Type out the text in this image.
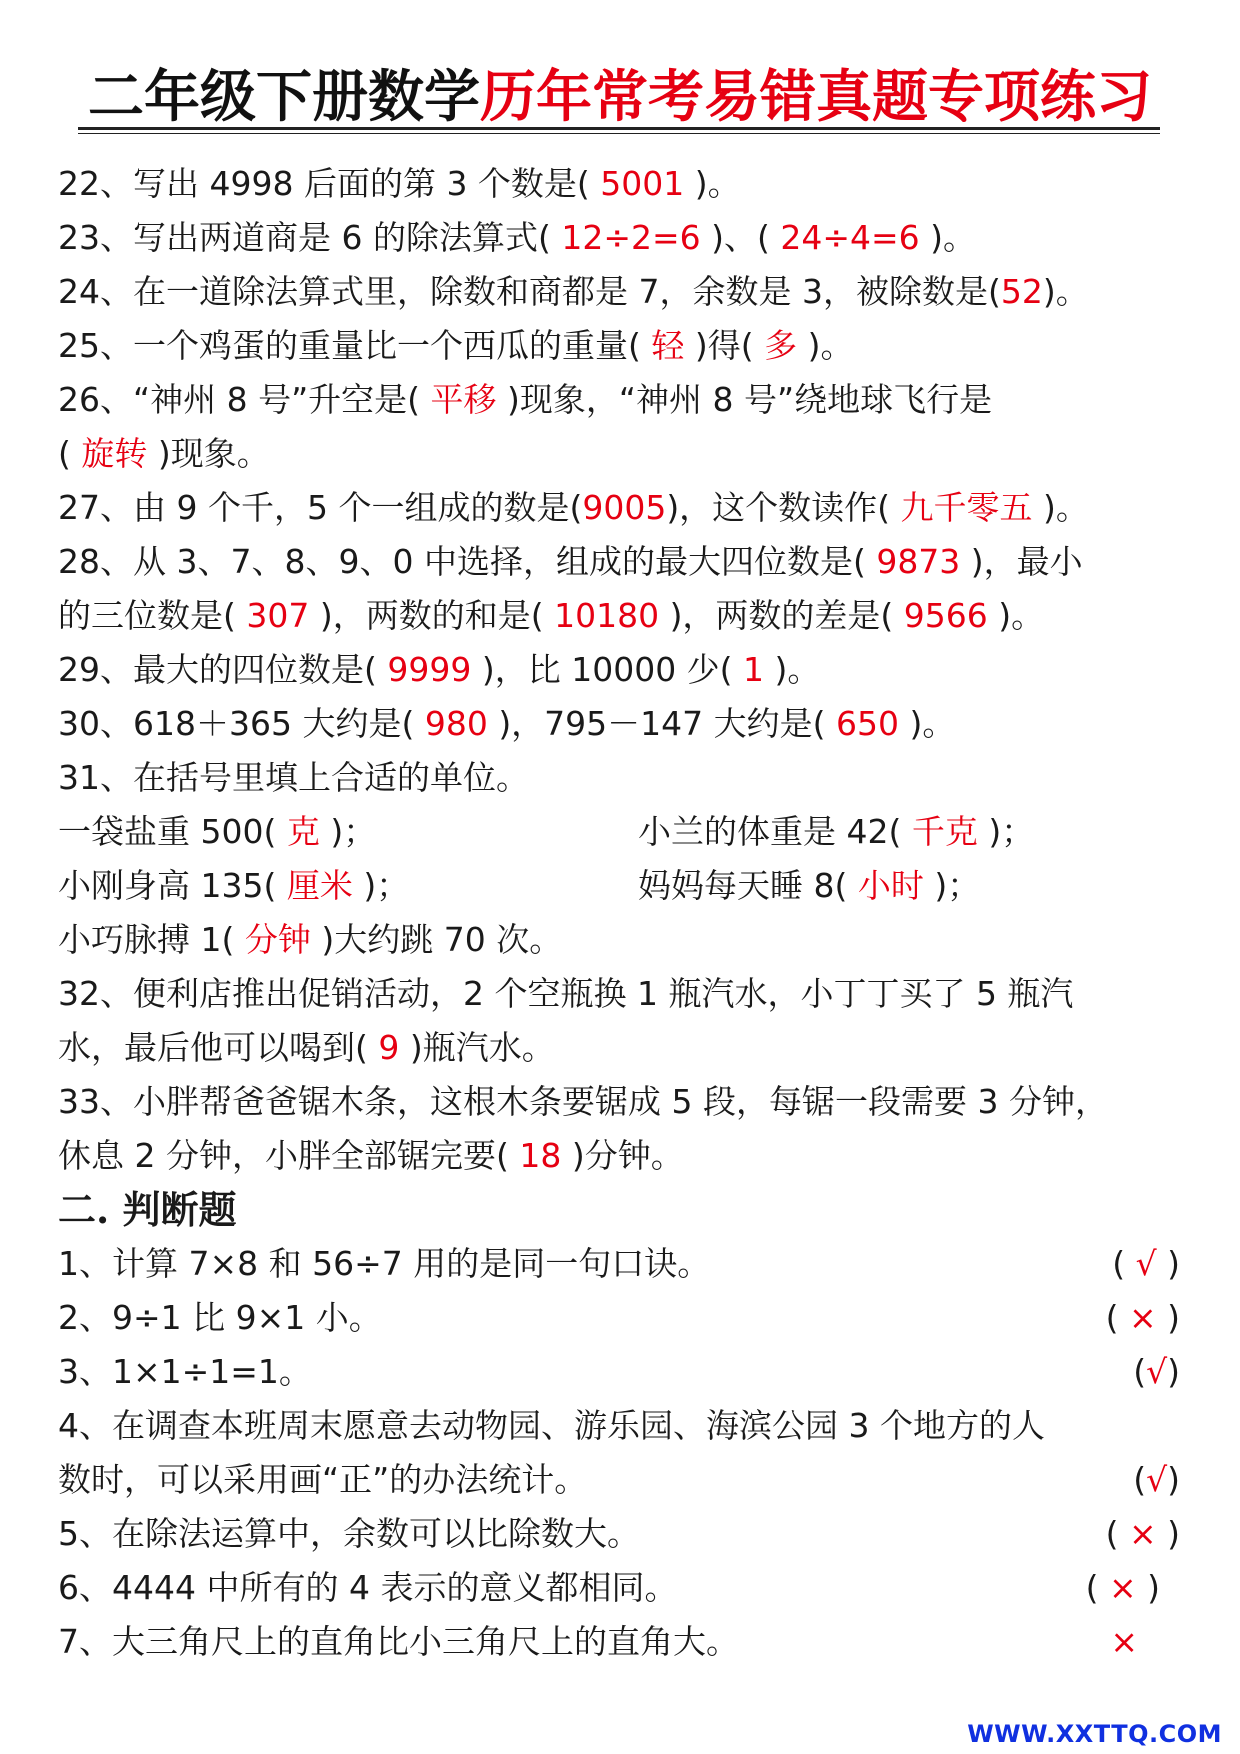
二年级下册数学历年常考易错真题专项练习
22、写出 4998 后面的第 3 个数是( 5001 )。
23、写出两道商是 6 的除法算式( 12÷2=6 )、( 24÷4=6 )。
24、在一道除法算式里，除数和商都是 7，余数是 3，被除数是(52)。
25、一个鸡蛋的重量比一个西瓜的重量( 轻 )得( 多 )。
26、“神州 8 号”升空是( 平移 )现象，“神州 8 号”绕地球飞行是
( 旋转 )现象。
27、由 9 个千，5 个一组成的数是(9005)，这个数读作( 九千零五 )。
28、从 3、7、8、9、0 中选择，组成的最大四位数是( 9873 )，最小
的三位数是( 307 )，两数的和是( 10180 )，两数的差是( 9566 )。
29、最大的四位数是( 9999 )，比 10000 少( 1 )。
30、618＋365 大约是( 980 )，795－147 大约是( 650 )。
31、在括号里填上合适的单位。
一袋盐重 500( 克 )；	小兰的体重是 42( 千克 )；
小刚身高 135( 厘米 )；	妈妈每天睡 8( 小时 )；
小巧脉搏 1( 分钟 )大约跳 70 次。
32、便利店推出促销活动，2 个空瓶换 1 瓶汽水，小丁丁买了 5 瓶汽
水，最后他可以喝到( 9 )瓶汽水。
33、小胖帮爸爸锯木条，这根木条要锯成 5 段，每锯一段需要 3 分钟，
休息 2 分钟，小胖全部锯完要( 18 )分钟。
二. 判断题
1、计算 7×8 和 56÷7 用的是同一句口诀。	( √ )
2、9÷1 比 9×1 小。	( × )
3、1×1÷1=1。	(√)
4、在调查本班周末愿意去动物园、游乐园、海滨公园 3 个地方的人
数时，可以采用画“正”的办法统计。	(√)
5、在除法运算中，余数可以比除数大。	( × )
6、4444 中所有的 4 表示的意义都相同。	( × )
7、大三角尺上的直角比小三角尺上的直角大。	×
WWW.XXTTQ.COM
